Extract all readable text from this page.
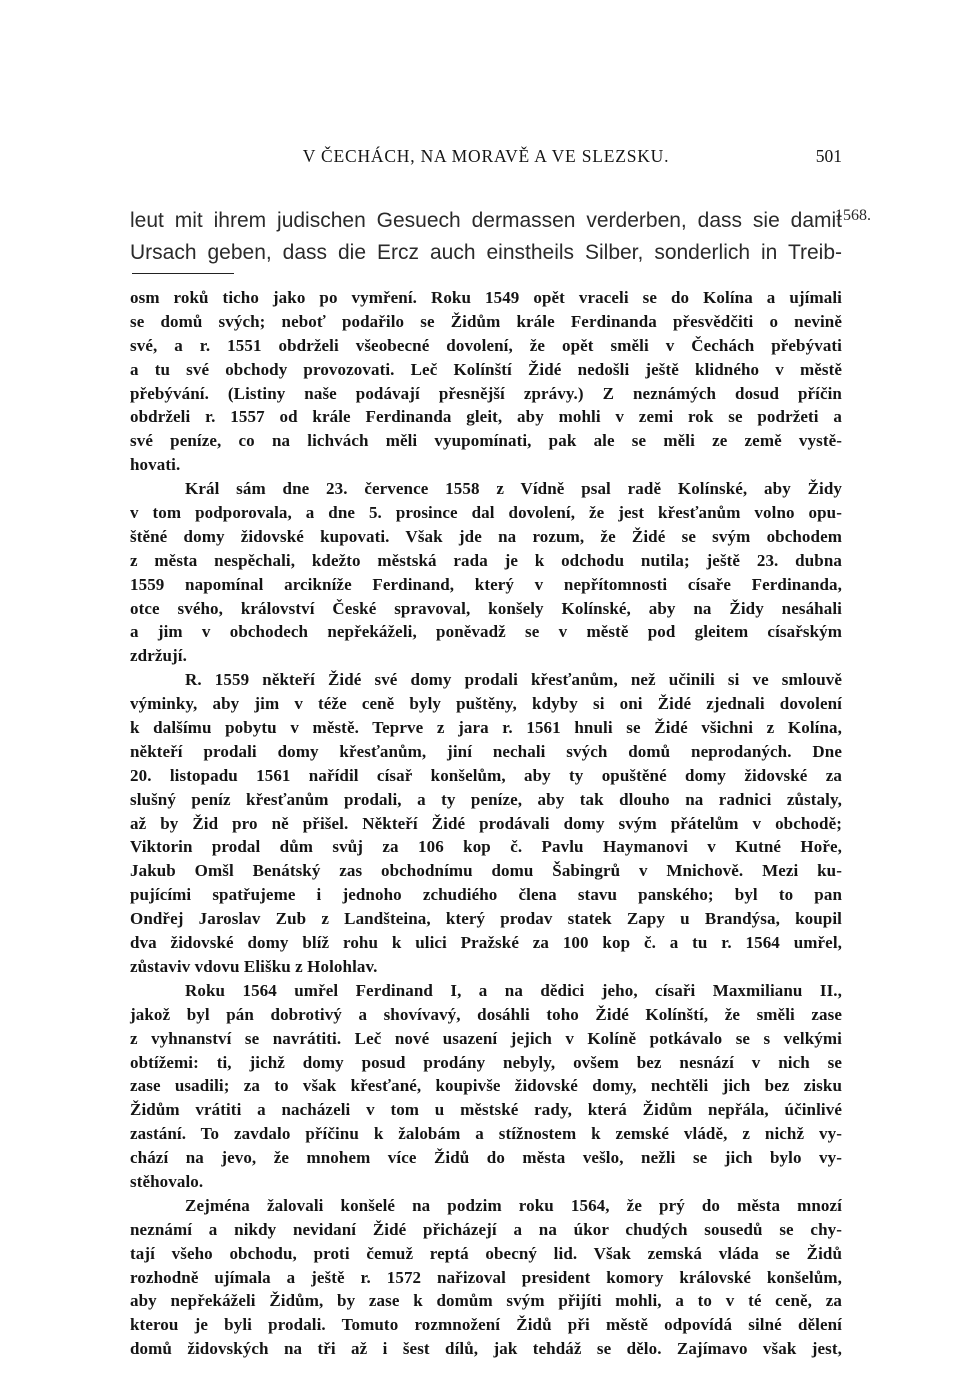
V ČECHÁCH, NA MORAVĚ A VE SLEZSKU.	501
leut mit ihrem judischen Gesuech dermassen verderben, dass sie damit
Ursach geben, dass die Ercz auch einstheils Silber, sonderlich in Treib-
1568.
osm roků ticho jako po vymření. Roku 1549 opět vraceli se do Kolína a ujímali
se domů svých; neboť podařilo se Židům krále Ferdinanda přesvědčiti o nevině
své, a r. 1551 obdrželi všeobecné dovolení, že opět směli v Čechách přebývati
a tu své obchody provozovati. Leč Kolínští Židé nedošli ještě klidného v městě
přebývání. (Listiny naše podávají přesnější zprávy.) Z neznámých dosud příčin
obdrželi r. 1557 od krále Ferdinanda gleit, aby mohli v zemi rok se podržeti a
své peníze, co na lichvách měli vyupomínati, pak ale se měli ze země vystě-
hovati.
Král sám dne 23. července 1558 z Vídně psal radě Kolínské, aby Židy
v tom podporovala, a dne 5. prosince dal dovolení, že jest křesťanům volno opu-
štěné domy židovské kupovati. Však jde na rozum, že Židé se svým obchodem
z města nespěchali, kdežto městská rada je k odchodu nutila; ještě 23. dubna
1559 napomínal arcikníže Ferdinand, který v nepřítomnosti císaře Ferdinanda,
otce svého, království České spravoval, konšely Kolínské, aby na Židy nesáhali
a jim v obchodech nepřekáželi, poněvadž se v městě pod gleitem císařským
zdržují.
R. 1559 někteří Židé své domy prodali křesťanům, než učinili si ve smlouvě
výminky, aby jim v téže ceně byly puštěny, kdyby si oni Židé zjednali dovolení
k dalšímu pobytu v městě. Teprve z jara r. 1561 hnuli se Židé všichni z Kolína,
někteří prodali domy křesťanům, jiní nechali svých domů neprodaných. Dne
20. listopadu 1561 nařídil císař konšelům, aby ty opuštěné domy židovské za
slušný peníz křesťanům prodali, a ty peníze, aby tak dlouho na radnici zůstaly,
až by Žid pro ně přišel. Někteří Židé prodávali domy svým přátelům v obchodě;
Viktorin prodal dům svůj za 106 kop č. Pavlu Haymanovi v Kutné Hoře,
Jakub Omšl Benátský zas obchodnímu domu Šabingrů v Mnichově. Mezi ku-
pujícími spatřujeme i jednoho zchudiého člena stavu panského; byl to pan
Ondřej Jaroslav Zub z Landšteina, který prodav statek Zapy u Brandýsa, koupil
dva židovské domy blíž rohu k ulici Pražské za 100 kop č. a tu r. 1564 umřel,
zůstaviv vdovu Elišku z Holohlav.
Roku 1564 umřel Ferdinand I, a na dědici jeho, císaři Maxmilianu II.,
jakož byl pán dobrotivý a shovívavý, dosáhli toho Židé Kolínští, že směli zase
z vyhnanství se navrátiti. Leč nové usazení jejich v Kolíně potkávalo se s velkými
obtížemi: ti, jichž domy posud prodány nebyly, ovšem bez nesnází v nich se
zase usadili; za to však křesťané, koupivše židovské domy, nechtěli jich bez zisku
Židům vrátiti a nacházeli v tom u městské rady, která Židům nepřála, účinlivé
zastání. To zavdalo příčinu k žalobám a stížnostem k zemské vládě, z nichž vy-
chází na jevo, že mnohem více Židů do města vešlo, nežli se jich bylo vy-
stěhovalo.
Zejména žalovali konšelé na podzim roku 1564, že prý do města mnozí
neznámí a nikdy nevidaní Židé přicházejí a na úkor chudých sousedů se chy-
tají všeho obchodu, proti čemuž reptá obecný lid. Však zemská vláda se Židů
rozhodně ujímala a ještě r. 1572 nařizoval president komory královské konšelům,
aby nepřekáželi Židům, by zase k domům svým přijíti mohli, a to v té ceně, za
kterou je byli prodali. Tomuto rozmnožení Židů při městě odpovídá silné dělení
domů židovských na tři až i šest dílů, jak tehdáž se dělo. Zajímavo však jest,
